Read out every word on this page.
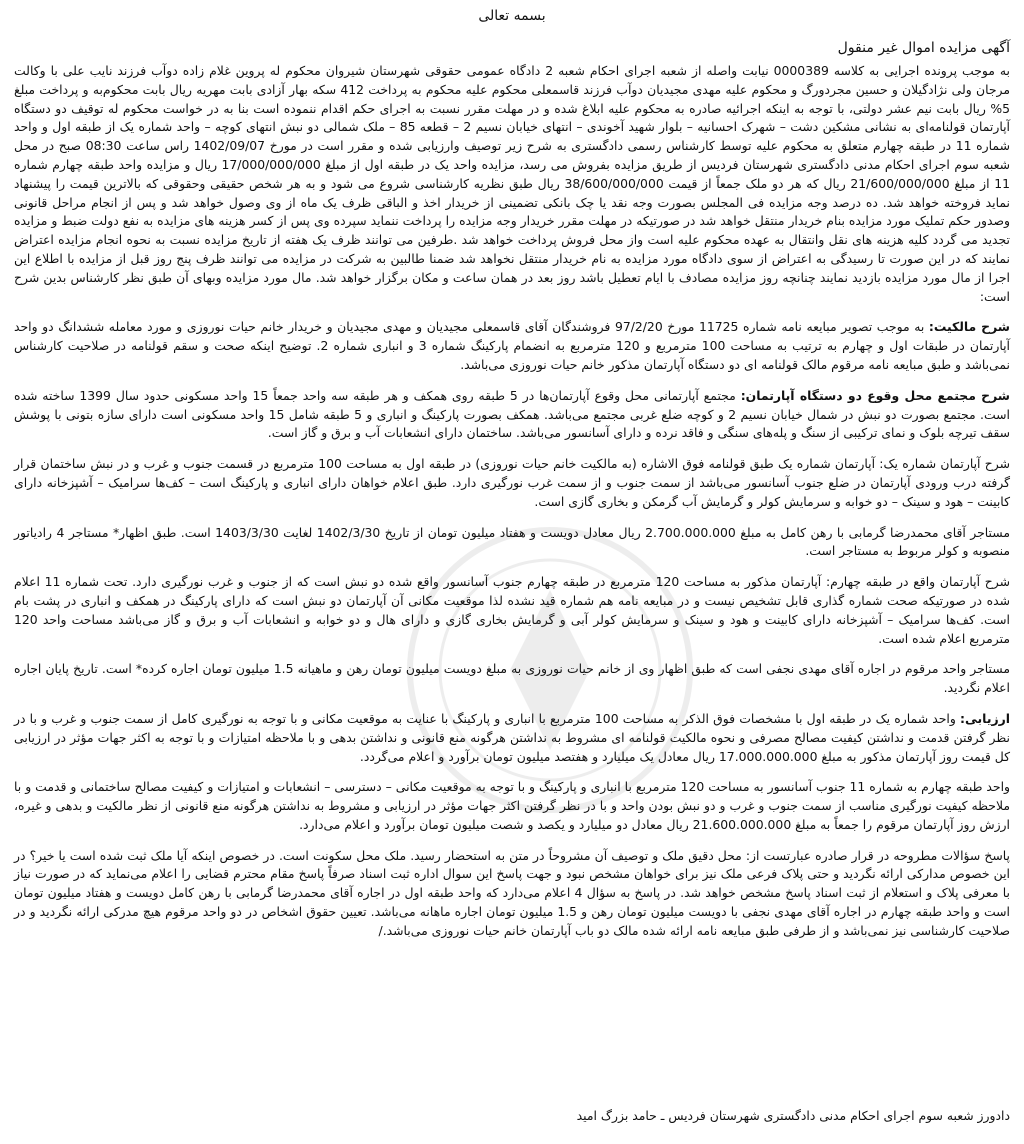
بسمه تعالی
آگهی مزایده اموال غیر منقول

به موجب پرونده اجرایی به کلاسه 0000389 نیابت واصله از شعبه اجرای احکام شعبه 2 دادگاه عمومی حقوقی شهرستان شیروان محکوم له پروین غلام زاده دوآب فرزند نایب علی با وکالت مرجان ولی نژادگیلان و حسین مجردورگ و محکوم علیه مهدی مجیدیان دوآب فرزند قاسمعلی محکوم علیه محکوم به پرداخت 412 سکه بهار آزادی بابت مهریه ریال بابت محکوم‌به و پرداخت مبلغ 5% ریال بابت نیم عشر دولتی، با توجه به اینکه اجرائیه صادره به محکوم علیه ابلاغ شده و در مهلت مقرر نسبت به اجرای حکم اقدام ننموده است بنا به در خواست محکوم له توقیف دو دستگاه آپارتمان قولنامه‌ای به نشانی مشکین دشت – شهرک احسانیه – بلوار شهید آخوندی – انتهای خیابان نسیم 2 – قطعه 85 – ملک شمالی دو نبش انتهای کوچه – واحد شماره یک از طبقه اول و واحد شماره 11 در طبقه چهارم متعلق به محکوم علیه توسط کارشناس رسمی دادگستری به شرح زیر توصیف وارزیابی شده و مقرر است در مورخ 1402/09/07 راس ساعت 08:30 صبح در محل شعبه سوم اجرای احکام مدنی دادگستری شهرستان فردیس از طریق مزایده بفروش می رسد، مزایده واحد یک در طبقه اول از مبلغ 17/000/000/000 ریال و مزایده واحد طبقه چهارم شماره 11 از مبلغ 21/600/000/000 ریال که هر دو ملک جمعاً از قیمت 38/600/000/000 ریال طبق نظریه کارشناسی شروع می شود و به هر شخص حقیقی وحقوقی که بالاترین قیمت را پیشنهاد نماید فروخته خواهد شد. ده درصد وجه مزایده فی المجلس بصورت وجه نقد یا چک بانکی تضمینی از خریدار اخذ و الباقی ظرف یک ماه از وی وصول خواهد شد و پس از انجام مراحل قانونی وصدور حکم تملیک مورد مزایده بنام خریدار منتقل خواهد شد در صورتیکه در مهلت مقرر خریدار وجه مزایده را پرداخت ننماید سپرده وی پس از کسر هزینه های مزایده به نفع دولت ضبط و مزایده تجدید می گردد کلیه هزینه های نقل وانتقال به عهده محکوم علیه است واز محل فروش پرداخت خواهد شد .طرفین می توانند ظرف یک هفته از تاریخ مزایده نسبت به نحوه انجام مزایده اعتراض نمایند که در این صورت تا رسیدگی به اعتراض از سوی دادگاه مورد مزایده به نام خریدار منتقل نخواهد شد ضمنا طالبین به شرکت در مزایده می توانند ظرف پنج روز قبل از مزایده با اطلاع این اجرا از مال مورد مزایده بازدید نمایند چنانچه روز مزایده مصادف با ایام تعطیل باشد روز بعد در همان ساعت و مکان برگزار خواهد شد. مال مورد مزایده وبهای آن طبق نظر کارشناس بدین شرح است:

شرح مالکیت: به موجب تصویر مبایعه نامه شماره 11725 مورخ 97/2/20 فروشندگان آقای قاسمعلی مجیدیان و مهدی مجیدیان و خریدار خانم حیات نوروزی و مورد معامله ششدانگ دو واحد آپارتمان در طبقات اول و چهارم به ترتیب به مساحت 100 مترمربع و 120 مترمربع به انضمام پارکینگ شماره 3 و انباری شماره 2. توضیح اینکه صحت و سقم قولنامه در صلاحیت کارشناس نمی‌باشد و طبق مبایعه نامه مرقوم مالک قولنامه ای دو دستگاه آپارتمان مذکور خانم حیات نوروزی می‌باشد.

شرح مجتمع محل وقوع دو دستگاه آپارتمان: مجتمع آپارتمانی محل وقوع آپارتمان‌ها در 5 طبقه روی همکف و هر طبقه سه واحد جمعاً 15 واحد مسکونی حدود سال 1399 ساخته شده است. مجتمع بصورت دو نبش در شمال خیابان نسیم 2 و کوچه ضلع غربی مجتمع می‌باشد. همکف بصورت پارکینگ و انباری و 5 طبقه شامل 15 واحد مسکونی است دارای سازه بتونی با پوشش سقف تیرچه بلوک و نمای ترکیبی از سنگ و پله‌های سنگی و فاقد نرده و دارای آسانسور می‌باشد. ساختمان دارای انشعابات آب و برق و گاز است.

شرح آپارتمان شماره یک: آپارتمان شماره یک طبق قولنامه فوق الاشاره (به مالکیت خانم حیات نوروزی) در طبقه اول به مساحت 100 مترمربع در قسمت جنوب و غرب و در نبش ساختمان قرار گرفته درب ورودی آپارتمان در ضلع جنوب آسانسور می‌باشد از سمت جنوب و از سمت غرب نورگیری دارد. طبق اعلام خواهان دارای انباری و پارکینگ است – کف‌ها سرامیک – آشپزخانه دارای کابینت – هود و سینک – دو خوابه و سرمایش کولر و گرمایش آب گرمکن و بخاری گازی است.

مستاجر آقای محمدرضا گرمابی با رهن کامل به مبلغ 2.700.000.000 ریال معادل دویست و هفتاد میلیون تومان از تاریخ 1402/3/30 لغایت 1403/3/30 است. طبق اظهار* مستاجر 4 رادیاتور منصوبه و کولر مربوط به مستاجر است.

شرح آپارتمان واقع در طبقه چهارم: آپارتمان مذکور به مساحت 120 مترمربع در طبقه چهارم جنوب آسانسور واقع شده دو نبش است که از جنوب و غرب نورگیری دارد. تحت شماره 11 اعلام شده در صورتیکه صحت شماره گذاری قابل تشخیص نیست و در مبایعه نامه هم شماره قید نشده لذا موقعیت مکانی آن آپارتمان دو نبش است که دارای پارکینگ در همکف و انباری در پشت بام است. کف‌ها سرامیک – آشپزخانه دارای کابینت و هود و سینک و سرمایش کولر آبی و گرمایش بخاری گازی و دارای هال و دو خوابه و انشعابات آب و برق و گاز می‌باشد مساحت واحد 120 مترمربع اعلام شده است.

مستاجر واحد مرقوم در اجاره آقای مهدی نجفی است که طبق اظهار وی از خانم حیات نوروزی به مبلغ دویست میلیون تومان رهن و ماهیانه 1.5 میلیون تومان اجاره کرده* است. تاریخ پایان اجاره اعلام نگردید.

ارزیابی: واحد شماره یک در طبقه اول با مشخصات فوق الذکر به مساحت 100 مترمربع با انباری و پارکینگ با عنایت به موقعیت مکانی و با توجه به نورگیری کامل از سمت جنوب و غرب و با در نظر گرفتن قدمت و نداشتن کیفیت مصالح مصرفی و نحوه مالکیت قولنامه ای مشروط به نداشتن هرگونه منع قانونی و نداشتن بدهی و با ملاحظه امتیازات و با توجه به اکثر جهات مؤثر در ارزیابی کل قیمت روز آپارتمان مذکور به مبلغ 17.000.000.000 ریال معادل یک میلیارد و هفتصد میلیون تومان برآورد و اعلام می‌گردد.

واحد طبقه چهارم به شماره 11 جنوب آسانسور به مساحت 120 مترمربع با انباری و پارکینگ و با توجه به موقعیت مکانی – دسترسی – انشعابات و امتیازات و کیفیت مصالح ساختمانی و قدمت و با ملاحظه کیفیت نورگیری مناسب از سمت جنوب و غرب و دو نبش بودن واحد و با در نظر گرفتن اکثر جهات مؤثر در ارزیابی و مشروط به نداشتن هرگونه منع قانونی از نظر مالکیت و بدهی و غیره، ارزش روز آپارتمان مرقوم را جمعاً به مبلغ 21.600.000.000 ریال معادل دو میلیارد و یکصد و شصت میلیون تومان برآورد و اعلام می‌دارد.

پاسخ سؤالات مطروحه در قرار صادره عبارتست از: محل دقیق ملک و توصیف آن مشروحاً در متن به استحضار رسید. ملک محل سکونت است. در خصوص اینکه آیا ملک ثبت شده است یا خیر؟ در این خصوص مدارکی ارائه نگردید و حتی پلاک فرعی ملک نیز برای خواهان مشخص نبود و جهت پاسخ این سوال اداره ثبت اسناد صرفاً پاسخ مقام محترم قضایی را اعلام می‌نماید که در صورت نیاز با معرفی پلاک و استعلام از ثبت اسناد پاسخ مشخص خواهد شد. در پاسخ به سؤال 4 اعلام می‌دارد که واحد طبقه اول در اجاره آقای محمدرضا گرمابی با رهن کامل دویست و هفتاد میلیون تومان است و واحد طبقه چهارم در اجاره آقای مهدی نجفی با دویست میلیون تومان رهن و 1.5 میلیون تومان اجاره ماهانه می‌باشد. تعیین حقوق اشخاص در دو واحد مرقوم هیچ مدرکی ارائه نگردید و در صلاحیت کارشناسی نیز نمی‌باشد و از طرفی طبق مبایعه نامه ارائه شده مالک دو باب آپارتمان خانم حیات نوروزی می‌باشد./

دادورز شعبه سوم اجرای احکام مدنی دادگستری شهرستان فردیس ـ حامد بزرگ امید
